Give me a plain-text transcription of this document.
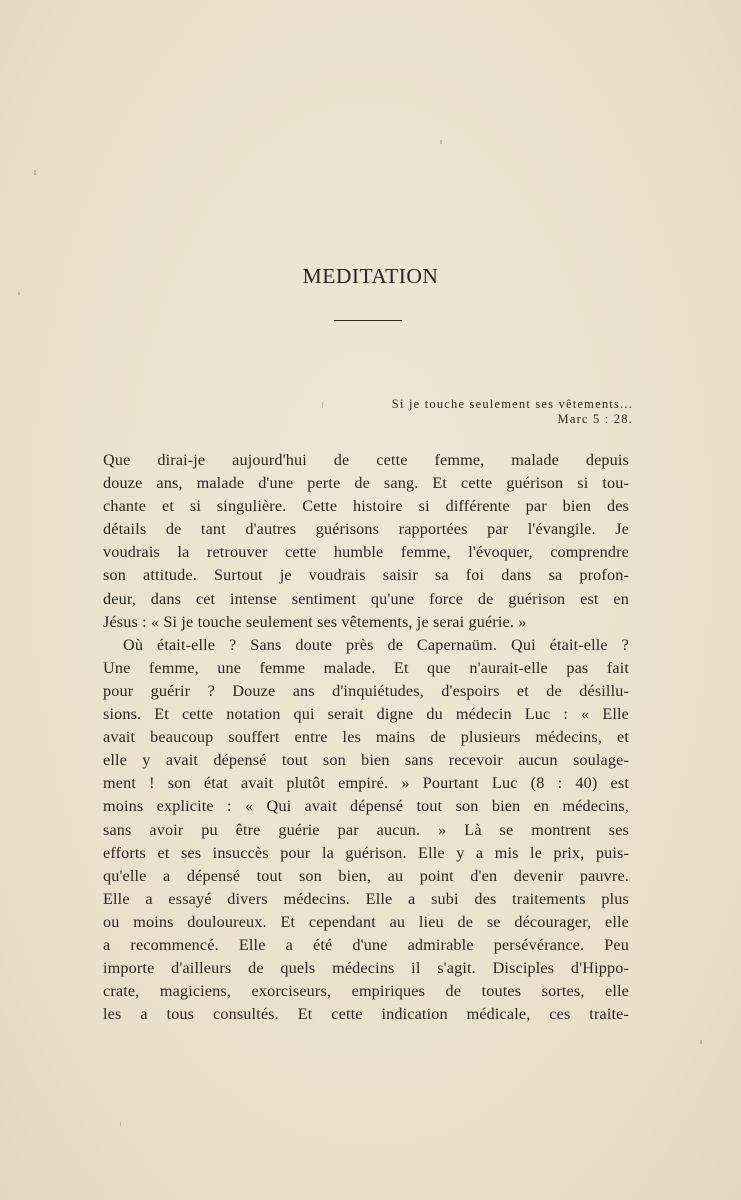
MEDITATION
Si je touche seulement ses vêtements...
Marc 5 : 28.
Que dirai-je aujourd'hui de cette femme, malade depuis
douze ans, malade d'une perte de sang. Et cette guérison si tou-
chante et si singulière. Cette histoire si différente par bien des
détails de tant d'autres guérisons rapportées par l'évangile. Je
voudrais la retrouver cette humble femme, l'évoquer, comprendre
son attitude. Surtout je voudrais saisir sa foi dans sa profon-
deur, dans cet intense sentiment qu'une force de guérison est en
Jésus : « Si je touche seulement ses vêtements, je serai guérie. »
Où était-elle ? Sans doute près de Capernaüm. Qui était-elle ?
Une femme, une femme malade. Et que n'aurait-elle pas fait
pour guérir ? Douze ans d'inquiétudes, d'espoirs et de désillu-
sions. Et cette notation qui serait digne du médecin Luc : « Elle
avait beaucoup souffert entre les mains de plusieurs médecins, et
elle y avait dépensé tout son bien sans recevoir aucun soulage-
ment ! son état avait plutôt empiré. » Pourtant Luc (8 : 40) est
moins explicite : « Qui avait dépensé tout son bien en médecins,
sans avoir pu être guérie par aucun. » Là se montrent ses
efforts et ses insuccès pour la guérison. Elle y a mis le prix, puis-
qu'elle a dépensé tout son bien, au point d'en devenir pauvre.
Elle a essayé divers médecins. Elle a subi des traitements plus
ou moins douloureux. Et cependant au lieu de se décourager, elle
a recommencé. Elle a été d'une admirable persévérance. Peu
importe d'ailleurs de quels médecins il s'agit. Disciples d'Hippo-
crate, magiciens, exorciseurs, empiriques de toutes sortes, elle
les a tous consultés. Et cette indication médicale, ces traite-
